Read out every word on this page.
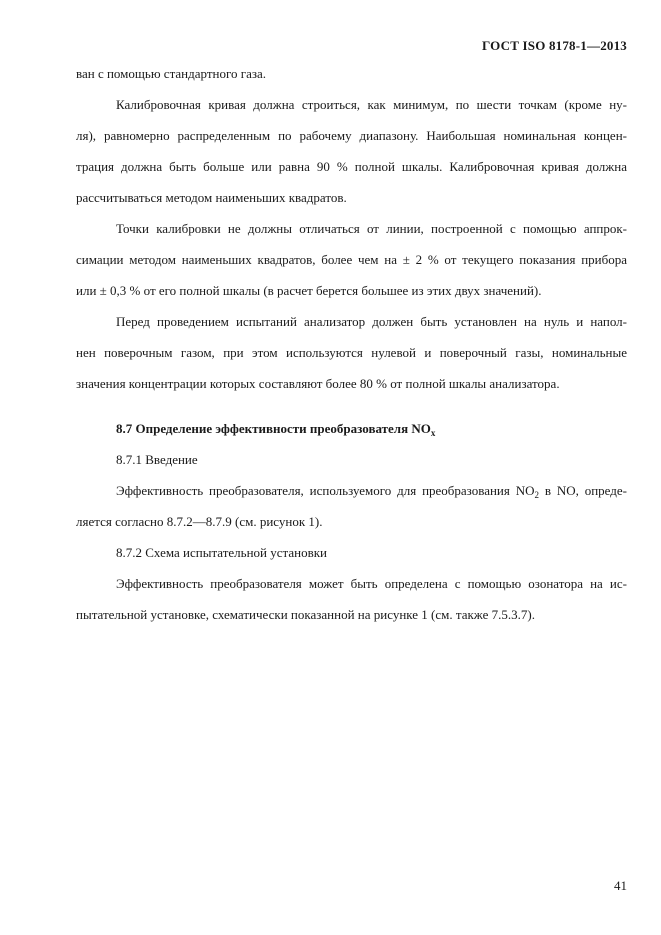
ГОСТ ISO 8178-1—2013

ван с помощью стандартного газа.

Калибровочная кривая должна строиться, как минимум, по шести точкам (кроме ну-
ля), равномерно распределенным по рабочему диапазону. Наибольшая номинальная концен-
трация должна быть больше или равна 90 % полной шкалы. Калибровочная кривая должна
рассчитываться методом наименьших квадратов.

Точки калибровки не должны отличаться от линии, построенной с помощью аппрок-
симации методом наименьших квадратов, более чем на ± 2 % от текущего показания прибора
или ± 0,3 % от его полной шкалы (в расчет берется большее из этих двух значений).

Перед проведением испытаний анализатор должен быть установлен на нуль и напол-
нен поверочным газом, при этом используются нулевой и поверочный газы, номинальные
значения концентрации которых составляют более 80 % от полной шкалы анализатора.

8.7 Определение эффективности преобразователя $NO_x$
8.7.1 Введение

Эффективность преобразователя, используемого для преобразования $NO_2$ в NO, опреде-
ляется согласно 8.7.2—8.7.9 (см. рисунок 1).

8.7.2 Схема испытательной установки

Эффективность преобразователя может быть определена с помощью озонатора на ис-
пытательной установке, схематически показанной на рисунке 1 (см. также 7.5.3.7).

41
